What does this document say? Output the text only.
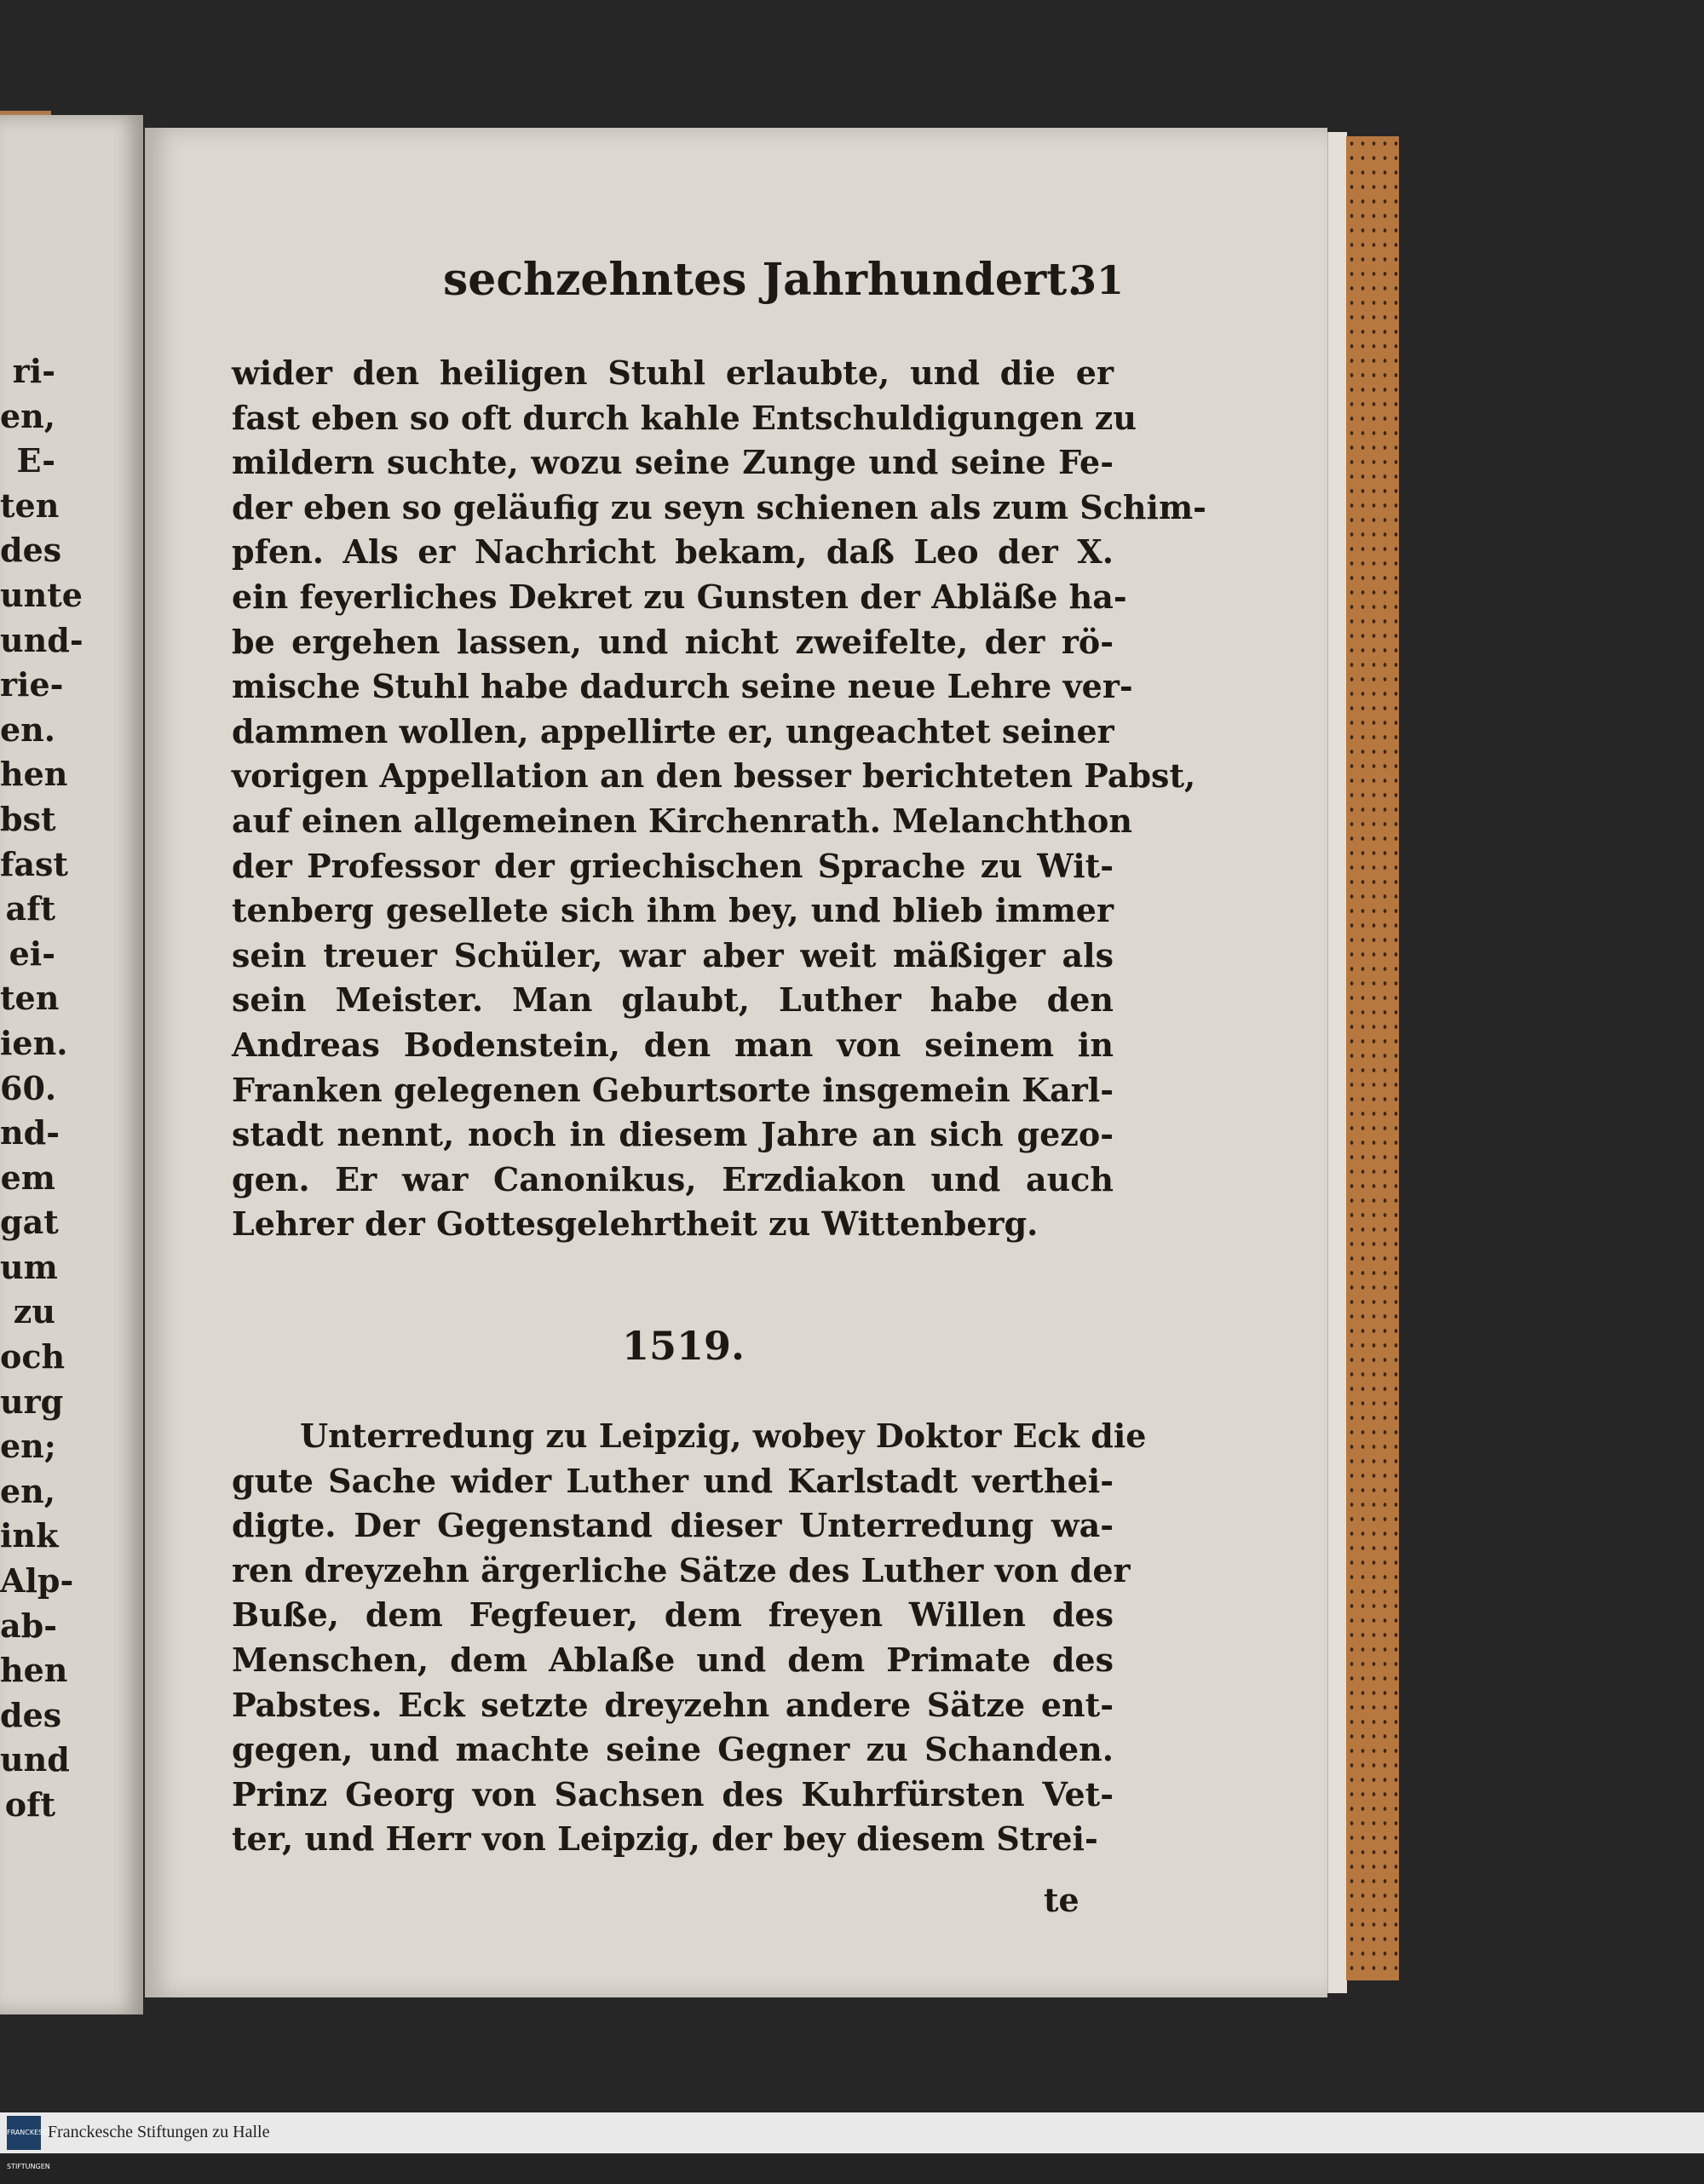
ri-
en,
E-
ten
des
unte
und-
rie-
en.
hen
bst
fast
aft
ei-
ten
ien.
60.
nd-
em
gat
um
zu
och
urg
en;
en,
ink
Alp-
ab-
hen
des
und
oft
sechzehntes Jahrhundert.
31
wider den heiligen Stuhl erlaubte, und die er
fast eben so oft durch kahle Entschuldigungen zu
mildern suchte, wozu seine Zunge und seine Fe-
der eben so geläufig zu seyn schienen als zum Schim-
pfen. Als er Nachricht bekam, daß Leo der X.
ein feyerliches Dekret zu Gunsten der Abläße ha-
be ergehen lassen, und nicht zweifelte, der rö-
mische Stuhl habe dadurch seine neue Lehre ver-
dammen wollen, appellirte er, ungeachtet seiner
vorigen Appellation an den besser berichteten Pabst,
auf einen allgemeinen Kirchenrath. Melanchthon
der Professor der griechischen Sprache zu Wit-
tenberg gesellete sich ihm bey, und blieb immer
sein treuer Schüler, war aber weit mäßiger als
sein Meister. Man glaubt, Luther habe den
Andreas Bodenstein, den man von seinem in
Franken gelegenen Geburtsorte insgemein Karl-
stadt nennt, noch in diesem Jahre an sich gezo-
gen. Er war Canonikus, Erzdiakon und auch
Lehrer der Gottesgelehrtheit zu Wittenberg.
1519.
Unterredung zu Leipzig, wobey Doktor Eck die
gute Sache wider Luther und Karlstadt verthei-
digte. Der Gegenstand dieser Unterredung wa-
ren dreyzehn ärgerliche Sätze des Luther von der
Buße, dem Fegfeuer, dem freyen Willen des
Menschen, dem Ablaße und dem Primate des
Pabstes. Eck setzte dreyzehn andere Sätze ent-
gegen, und machte seine Gegner zu Schanden.
Prinz Georg von Sachsen des Kuhrfürsten Vet-
ter, und Herr von Leipzig, der bey diesem Strei-
te
FRANCKESCHE STIFTUNGEN
Franckesche Stiftungen zu Halle
